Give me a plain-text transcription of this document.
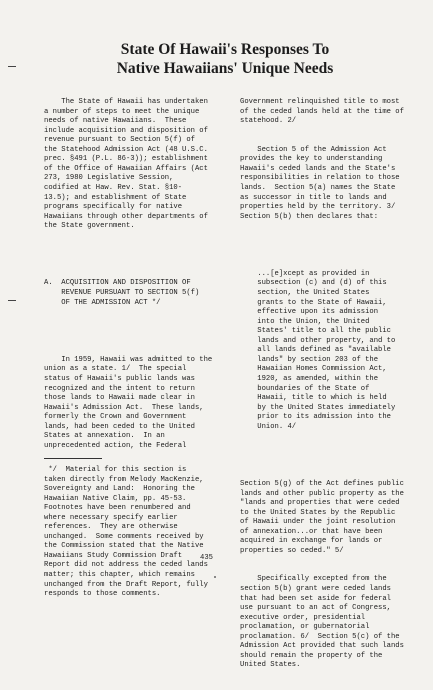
State Of Hawaii's Responses To
Native Hawaiians' Unique Needs

The State of Hawaii has undertaken
a number of steps to meet the unique
needs of native Hawaiians.  These
include acquisition and disposition of
revenue pursuant to Section 5(f) of
the Statehood Admission Act (48 U.S.C.
prec. §491 (P.L. 86-3)); establishment
of the Office of Hawaiian Affairs (Act
273, 1980 Legislative Session,
codified at Haw. Rev. Stat. §10-
13.5); and establishment of State
programs specifically for native
Hawaiians through other departments of
the State government.

A.  ACQUISITION AND DISPOSITION OF
REVENUE PURSUANT TO SECTION 5(f)
OF THE ADMISSION ACT */

In 1959, Hawaii was admitted to the
union as a state. 1/  The special
status of Hawaii's public lands was
recognized and the intent to return
those lands to Hawaii made clear in
Hawaii's Admission Act.  These lands,
formerly the Crown and Government
lands, had been ceded to the United
States at annexation.  In an
unprecedented action, the Federal

*/  Material for this section is
taken directly from Melody MacKenzie,
Sovereignty and Land:  Honoring the
Hawaiian Native Claim, pp. 45-53.
Footnotes have been renumbered and
where necessary specify earlier
references.  They are otherwise
unchanged.  Some comments received by
the Commission stated that the Native
Hawaiians Study Commission Draft
Report did not address the ceded lands
matter; this chapter, which remains
unchanged from the Draft Report, fully
responds to those comments.

Government relinquished title to most
of the ceded lands held at the time of
statehood. 2/

Section 5 of the Admission Act
provides the key to understanding
Hawaii's ceded lands and the State's
responsibilities in relation to those
lands.  Section 5(a) names the State
as successor in title to lands and
properties held by the territory. 3/
Section 5(b) then declares that:

...[e]xcept as provided in
subsection (c) and (d) of this
section, the United States
grants to the State of Hawaii,
effective upon its admission
into the Union, the United
States' title to all the public
lands and other property, and to
all lands defined as "available
lands" by section 203 of the
Hawaiian Homes Commission Act,
1920, as amended, within the
boundaries of the State of
Hawaii, title to which is held
by the United States immediately
prior to its admission into the
Union. 4/

Section 5(g) of the Act defines public
lands and other public property as the
"lands and properties that were ceded
to the United States by the Republic
of Hawaii under the joint resolution
of annexation...or that have been
acquired in exchange for lands or
properties so ceded." 5/

Specifically excepted from the
section 5(b) grant were ceded lands
that had been set aside for federal
use pursuant to an act of Congress,
executive order, presidential
proclamation, or gubernatorial
proclamation. 6/  Section 5(c) of the
Admission Act provided that such lands
should remain the property of the
United States.

435
